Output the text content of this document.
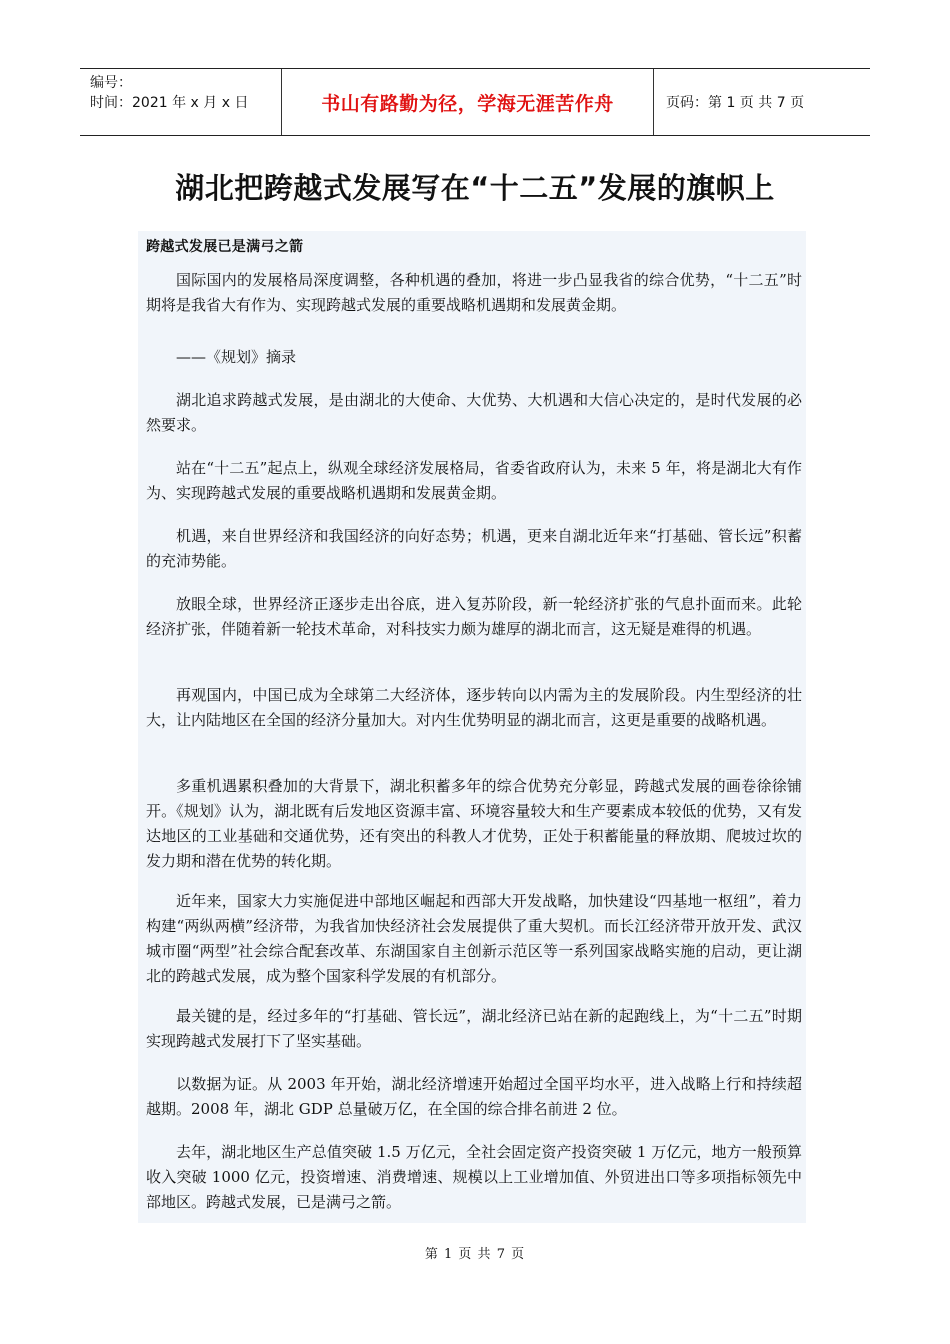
编号：
时间：2021 年 x 月 x 日	书山有路勤为径，学海无涯苦作舟	页码：第 1 页 共 7 页
湖北把跨越式发展写在“十二五”发展的旗帜上
跨越式发展已是满弓之箭

国际国内的发展格局深度调整，各种机遇的叠加，将进一步凸显我省的综合优势，“十二五”时期将是我省大有作为、实现跨越式发展的重要战略机遇期和发展黄金期。

——《规划》摘录

湖北追求跨越式发展，是由湖北的大使命、大优势、大机遇和大信心决定的，是时代发展的必然要求。

站在“十二五”起点上，纵观全球经济发展格局，省委省政府认为，未来 5 年，将是湖北大有作为、实现跨越式发展的重要战略机遇期和发展黄金期。

机遇，来自世界经济和我国经济的向好态势；机遇，更来自湖北近年来“打基础、管长远”积蓄的充沛势能。

放眼全球，世界经济正逐步走出谷底，进入复苏阶段，新一轮经济扩张的气息扑面而来。此轮经济扩张，伴随着新一轮技术革命，对科技实力颇为雄厚的湖北而言，这无疑是难得的机遇。

再观国内，中国已成为全球第二大经济体，逐步转向以内需为主的发展阶段。内生型经济的壮大，让内陆地区在全国的经济分量加大。对内生优势明显的湖北而言，这更是重要的战略机遇。

多重机遇累积叠加的大背景下，湖北积蓄多年的综合优势充分彰显，跨越式发展的画卷徐徐铺开。《规划》认为，湖北既有后发地区资源丰富、环境容量较大和生产要素成本较低的优势，又有发达地区的工业基础和交通优势，还有突出的科教人才优势，正处于积蓄能量的释放期、爬坡过坎的发力期和潜在优势的转化期。

近年来，国家大力实施促进中部地区崛起和西部大开发战略，加快建设“四基地一枢纽”，着力构建“两纵两横”经济带，为我省加快经济社会发展提供了重大契机。而长江经济带开放开发、武汉城市圈“两型”社会综合配套改革、东湖国家自主创新示范区等一系列国家战略实施的启动，更让湖北的跨越式发展，成为整个国家科学发展的有机部分。

最关键的是，经过多年的“打基础、管长远”，湖北经济已站在新的起跑线上，为“十二五”时期实现跨越式发展打下了坚实基础。

以数据为证。从 2003 年开始，湖北经济增速开始超过全国平均水平，进入战略上行和持续超越期。2008 年，湖北 GDP 总量破万亿，在全国的综合排名前进 2 位。

去年，湖北地区生产总值突破 1.5 万亿元，全社会固定资产投资突破 1 万亿元，地方一般预算收入突破 1000 亿元，投资增速、消费增速、规模以上工业增加值、外贸进出口等多项指标领先中部地区。跨越式发展，已是满弓之箭。

第 1 页 共 7 页
